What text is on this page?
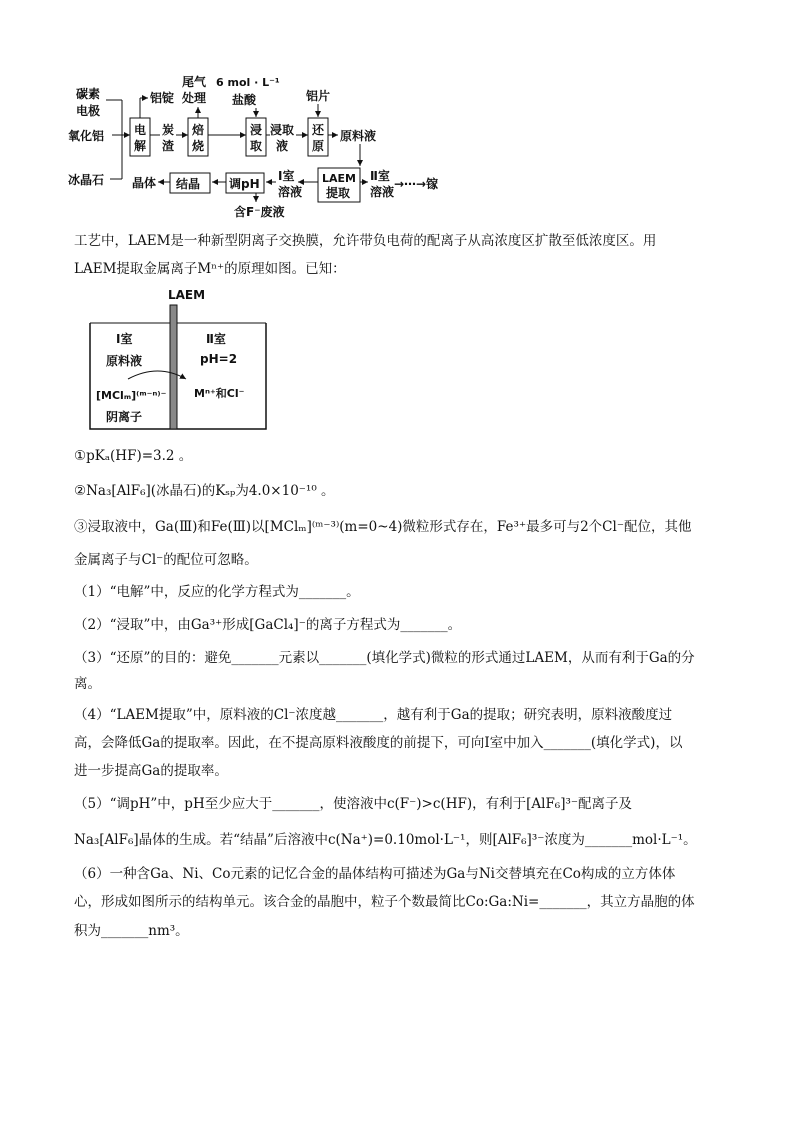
碳素
电极
氧化铝
冰晶石
电
解
铝锭
炭
渣
尾气
处理
焙
烧
6 mol · L⁻¹
盐酸
浸
取
浸取
液
铝片
还
原
原料液
LAEM
提取
Ⅱ室
溶液
→⋯→镓
Ⅰ室
溶液
调pH
结晶
晶体
含F⁻废液
工艺中，LAEM是一种新型阴离子交换膜，允许带负电荷的配离子从高浓度区扩散至低浓度区。用
LAEM提取金属离子Mⁿ⁺的原理如图。已知：
LAEM
Ⅰ室
原料液
[MClₘ]⁽ᵐ⁻ⁿ⁾⁻
阴离子
Ⅱ室
pH=2
Mⁿ⁺和Cl⁻
①pKₐ(HF)=3.2 。
②Na₃[AlF₆](冰晶石)的Kₛₚ为4.0×10⁻¹⁰ 。
③浸取液中，Ga(Ⅲ)和Fe(Ⅲ)以[MClₘ]⁽ᵐ⁻³⁾(m=0~4)微粒形式存在，Fe³⁺最多可与2个Cl⁻配位，其他
金属离子与Cl⁻的配位可忽略。
（1）“电解”中，反应的化学方程式为_______。
（2）“浸取”中，由Ga³⁺形成[GaCl₄]⁻的离子方程式为_______。
（3）“还原”的目的：避免_______元素以_______(填化学式)微粒的形式通过LAEM，从而有利于Ga的分
离。
（4）“LAEM提取”中，原料液的Cl⁻浓度越_______，越有利于Ga的提取；研究表明，原料液酸度过
高，会降低Ga的提取率。因此，在不提高原料液酸度的前提下，可向Ⅰ室中加入_______(填化学式)，以
进一步提高Ga的提取率。
（5）“调pH”中，pH至少应大于_______，使溶液中c(F⁻)>c(HF)，有利于[AlF₆]³⁻配离子及
Na₃[AlF₆]晶体的生成。若“结晶”后溶液中c(Na⁺)=0.10mol·L⁻¹，则[AlF₆]³⁻浓度为_______mol·L⁻¹。
（6）一种含Ga、Ni、Co元素的记忆合金的晶体结构可描述为Ga与Ni交替填充在Co构成的立方体体
心，形成如图所示的结构单元。该合金的晶胞中，粒子个数最简比Co:Ga:Ni=_______，其立方晶胞的体
积为_______nm³。
